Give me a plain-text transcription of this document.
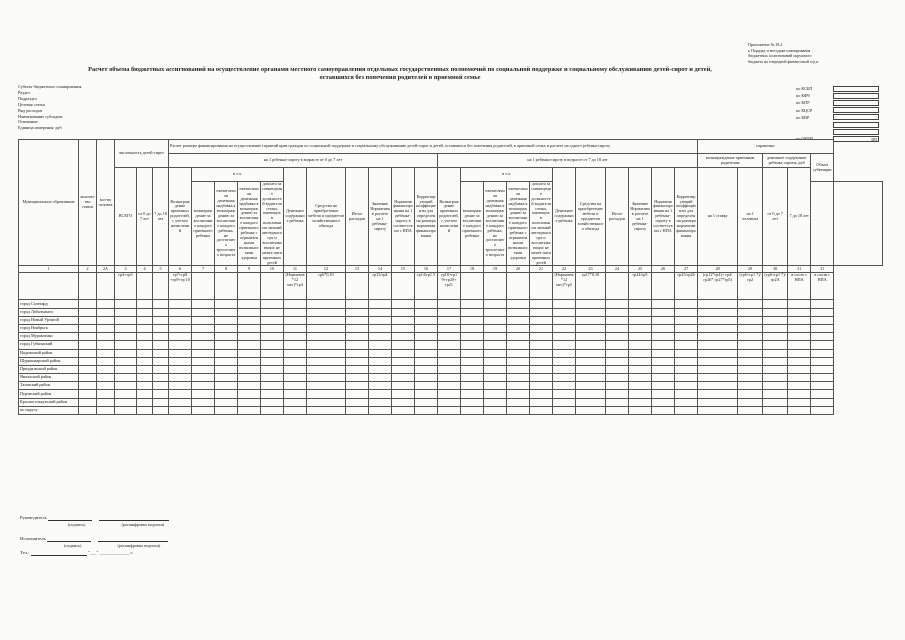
Приложение № 18.2
к Порядку и методике планирования
бюджетных ассигнований окружного
бюджета на очередной финансовый год и
Расчет объема бюджетных ассигнований на осуществление органами местного самоуправления отдельных государственных полномочий по социальной поддержке и социальному обслуживанию детей-сирот и детей,
оставшихся без попечения родителей в приемной семье
Субъект бюджетного планирования
Раздел
Подраздел
Целевая статья
Вид расходов
Наименование субсидии:
Основание:
Единица измерения: руб
по КСБП
по КФЧ
по КПР
по КЦСР
по КВР
по ОКЕИ	383
Муниципальное образование	количество ставок	кол-во человек	численность детей-сирот			Расчет размера финансирования на осуществление гарантий прав граждан по социальной поддержке и социальному обслуживанию детей-сирот и детей, оставшихся без попечения родителей, в приемной семье и расчете на одного ребенка-сироту																						справочно:					
						на 1 ребенка-сироту в возрасте от 0 до 7 лет											на 1 ребенка-сироту в возрасте от 7 до 18 лет											вознаграждение приемным родителям		денежное содержание ребенка сироты, руб		Объем субвенции	
			ВСЕГО	от 0 до 7 лет	7 до 18 лет	Вознаграждение приемных родителей, с учетом начислений	в т.ч.				Денежное содержание ребенка	Средства на приобретение мебели и предметов хозяйственного обихода	Итого расходов	Значение Норматива в расчете на 1 ребенка-сироту	Норматив финансирования на 1 ребенка-сироту в соответствии с НПА	Корректирующий коэффициенты для определения размера норматива финансирования	Вознаграждение приемных родителей, с учетом начислений	в т.ч.				Денежное содержание ребенка	Средства на приобретение мебели и предметов хозяйственного обихода	Итого расходов	Значение Норматива в расчете на 1 ребенка-сироту	Норматив финансирования на 1 ребенка-сироту в соответствии с НПА	Корректирующий коэффициенты для определения размера норматива финансирования	на 1 ставку	на 1 человека	от 0 до 7 лет	7 до 18 лет		
							вознаграждение за воспитание каждого приемного ребенка	ежемесячная денежная надбавка к вознаграждению за воспитание каждого ребенка, не достигшего трехлетнего возраста	ежемесячная денежная надбавка к вознаграждению за воспитание каждого приемного ребенка с ограниченными возможностями здоровья	доплата за совмещение должностей водителя семьи, имеющих в пользовании личный автотранспорт и воспитывающих не менее пяти приемных детей								вознаграждение за воспитание каждого приемного ребенка	ежемесячная денежная надбавка к вознаграждению за воспитание каждого ребенка, не достигшего трехлетнего возраста	ежемесячная денежная надбавка к вознаграждению за воспитание каждого приемного ребенка с ограниченными возможностями здоровья	доплата за совмещение должностей водителя семьи, имеющих в пользовании личный автотранспорт и воспитывающих не менее пяти приемных детей												

1	2	2А	3	4	5	6	7	8	9	10	11	12	13	14	15	16	17	18	19	20	21	22	23	24	25	26	27	28	29	30	31	31	
			гр4+гр5			гр7+гр8 +гр9+гр 10					(Норматив*12 мес)*гр4	гр6*0,10		гр15/гр4		гр14/гр1 5	гр18+гр1 9+гр20+ гр21					(Норматив*12 мес)*гр5	гр17*0,10		гр24/гр5		гр25/гр26	(гр12*гр4)+ гр4/гр26* гр27*гр5)	(гр6+гр1 7)/гр2	(гр6+гр1 7)/гр2А	в сооте с НПА	в соотв с НПА	
город Салехард																																	
город Лабытнанги																																	
город Новый Уренгой																																	
город Ноябрьск																																	
город Муравленко																																	
город Губкинский																																	
Надымский район																																	
Шурышкарский район																																	
Приуральский район																																	
Ямальский район																																	
Тазовский район																																	
Пуровский район																																	
Красноселькупский район																																	
по округу:																																	
Руководитель
(подпись)	(расшифровка подписи)
Исполнитель
(подпись)	(расшифровка подписи)
Тел.:	"___" _____________ г.
